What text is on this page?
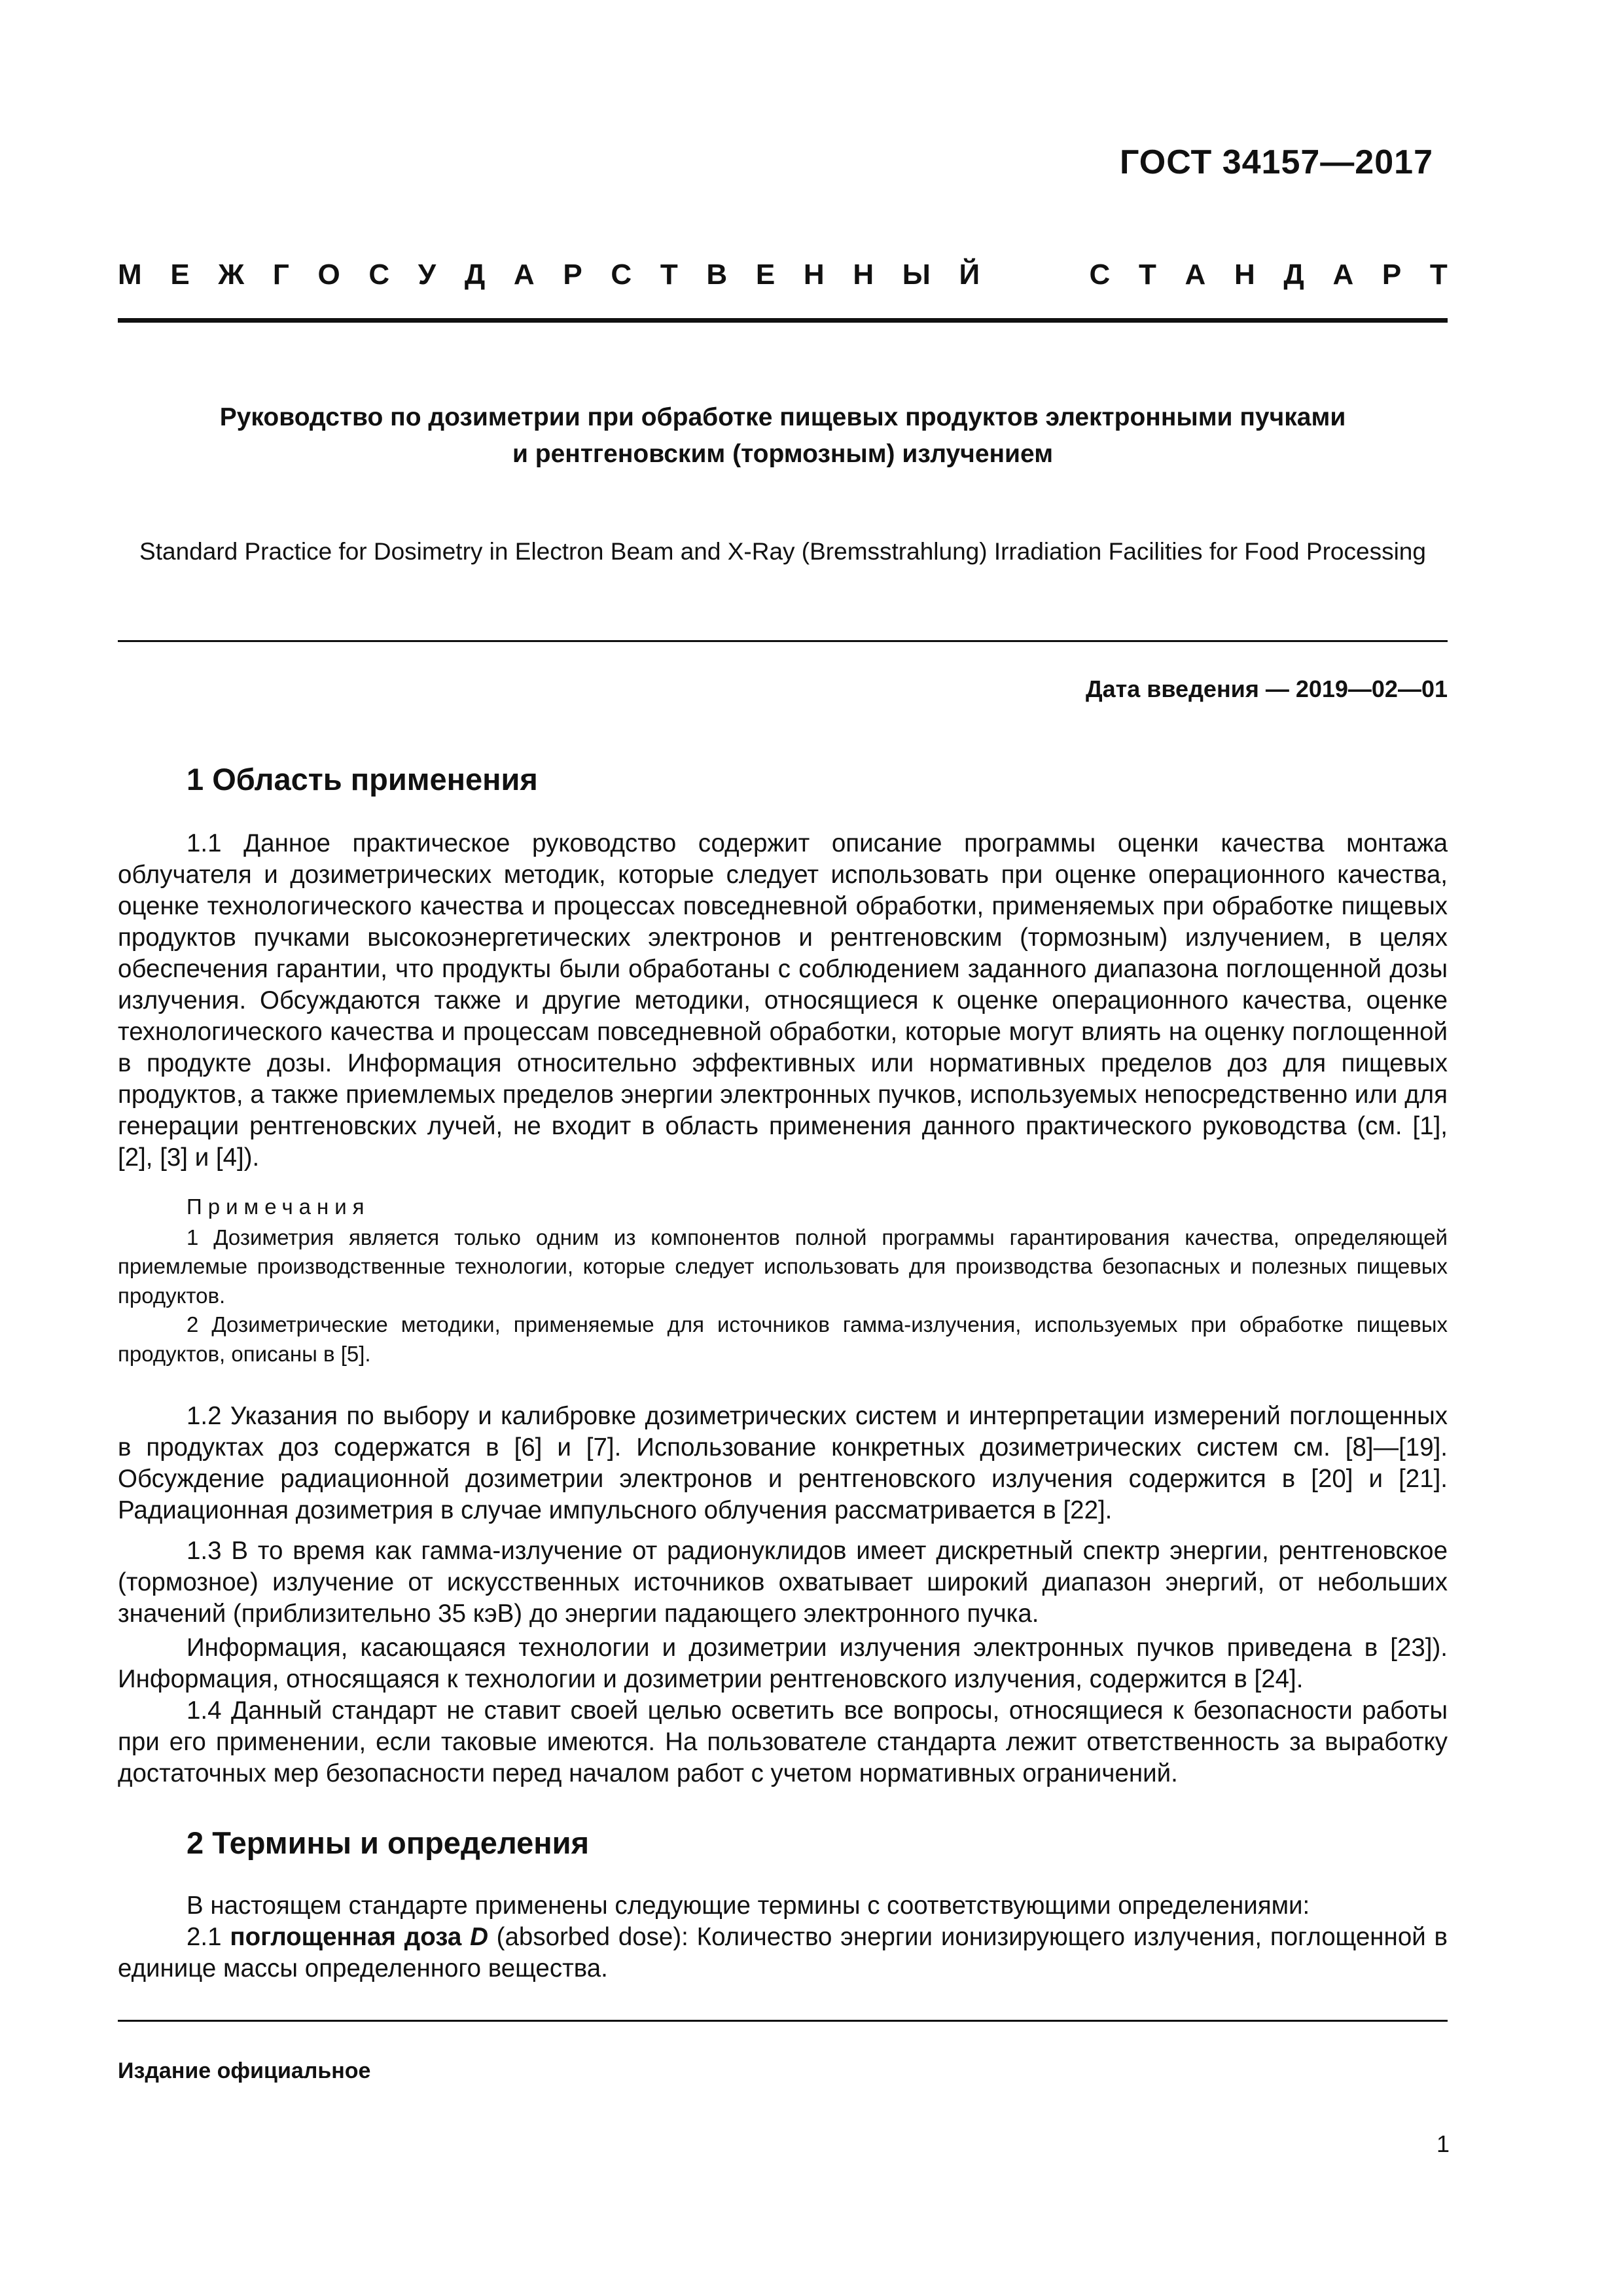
ГОСТ 34157—2017
М Е Ж Г О С У Д А Р С Т В Е Н Н Ы Й	С Т А Н Д А Р Т
Руководство по дозиметрии при обработке пищевых продуктов электронными пучками
и рентгеновским (тормозным) излучением
Standard Practice for Dosimetry in Electron Beam and X-Ray (Bremsstrahlung) Irradiation Facilities for Food Processing
Дата введения — 2019—02—01
1 Область применения

1.1 Данное практическое руководство содержит описание программы оценки качества монтажа облучателя и дозиметрических методик, которые следует использовать при оценке операционного качества, оценке технологического качества и процессах повседневной обработки, применяемых при обработке пищевых продуктов пучками высокоэнергетических электронов и рентгеновским (тормозным) излучением, в целях обеспечения гарантии, что продукты были обработаны с соблюдением заданного диапазона поглощенной дозы излучения. Обсуждаются также и другие методики, относящиеся к оценке операционного качества, оценке технологического качества и процессам повседневной обработки, которые могут влиять на оценку поглощенной в продукте дозы. Информация относительно эффективных или нормативных пределов доз для пищевых продуктов, а также приемлемых пределов энергии электронных пучков, используемых непосредственно или для генерации рентгеновских лучей, не входит в область применения данного практического руководства (см. [1], [2], [3] и [4]).

Примечания

1 Дозиметрия является только одним из компонентов полной программы гарантирования качества, определяющей приемлемые производственные технологии, которые следует использовать для производства безопасных и полезных пищевых продуктов.

2 Дозиметрические методики, применяемые для источников гамма-излучения, используемых при обработке пищевых продуктов, описаны в [5].

1.2 Указания по выбору и калибровке дозиметрических систем и интерпретации измерений поглощенных в продуктах доз содержатся в [6] и [7]. Использование конкретных дозиметрических систем см. [8]—[19]. Обсуждение радиационной дозиметрии электронов и рентгеновского излучения содержится в [20] и [21]. Радиационная дозиметрия в случае импульсного облучения рассматривается в [22].

1.3 В то время как гамма-излучение от радионуклидов имеет дискретный спектр энергии, рентгеновское (тормозное) излучение от искусственных источников охватывает широкий диапазон энергий, от небольших значений (приблизительно 35 кэВ) до энергии падающего электронного пучка.

Информация, касающаяся технологии и дозиметрии излучения электронных пучков приведена в [23]). Информация, относящаяся к технологии и дозиметрии рентгеновского излучения, содержится в [24].

1.4 Данный стандарт не ставит своей целью осветить все вопросы, относящиеся к безопасности работы при его применении, если таковые имеются. На пользователе стандарта лежит ответственность за выработку достаточных мер безопасности перед началом работ с учетом нормативных ограничений.

2 Термины и определения

В настоящем стандарте применены следующие термины с соответствующими определениями:

2.1 поглощенная доза D (absorbed dose): Количество энергии ионизирующего излучения, поглощенной в единице массы определенного вещества.

Издание официальное
1
